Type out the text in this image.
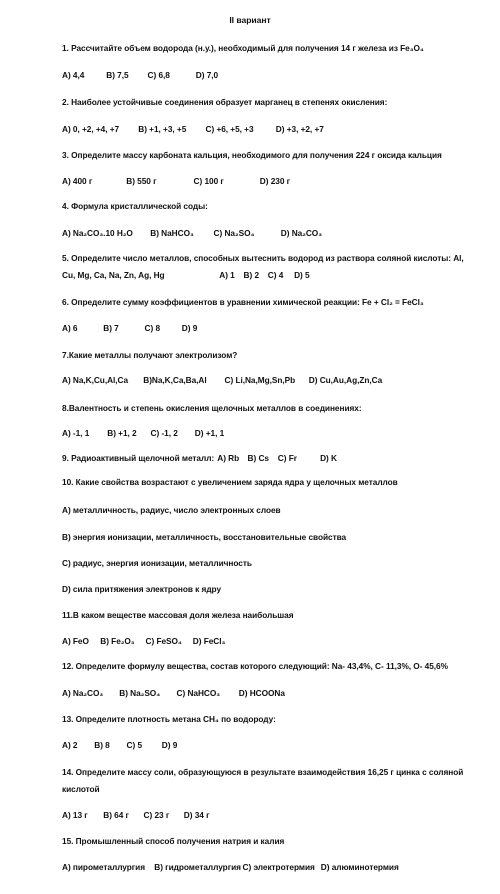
II вариант
1. Рассчитайте объем водорода (н.у.), необходимый для получения 14 г железа из Fe₃O₄
A) 4,4	B) 7,5 C) 6,8	D) 7,0
2. Наиболее устойчивые соединения образует марганец в степенях окисления:
A) 0, +2, +4, +7 B) +1, +3, +5 C) +6, +5, +3	D) +3, +2, +7
3. Определите массу карбоната кальция, необходимого для получения 224 г оксида кальция
A) 400 г	B) 550 г	C) 100 г	D) 230 г
4. Формула кристаллической соды:
A) Na₂CO₃.10 H₂O B) NaHCO₃ C) Na₂SO₄	D) Na₂CO₃
5. Определите число металлов, способных вытеснить водород из раствора соляной кислоты: Al,
Cu, Mg, Ca, Na, Zn, Ag, Hg	A) 1 B) 2 C) 4 D) 5
6. Определите сумму коэффициентов в уравнении химической реакции: Fe + Cl₂ = FeCl₃
A) 6	B) 7	C) 8	D) 9
7.Какие металлы получают электролизом?
A) Na,K,Cu,Al,Ca B)Na,K,Ca,Ba,Al C) Li,Na,Mg,Sn,Pb D) Cu,Au,Ag,Zn,Ca
8.Валентность и степень окисления щелочных металлов в соединениях:
A) -1, 1 B) +1, 2 C) -1, 2 D) +1, 1
9. Радиоактивный щелочной металл: A) Rb B) Cs C) Fr	D) K
10. Какие свойства возрастают с увеличением заряда ядра у щелочных металлов
A) металличность, радиус, число электронных слоев
B) энергия ионизации, металличность, восстановительные свойства
C) радиус, энергия ионизации, металличность
D) сила притяжения электронов к ядру
11.В каком веществе массовая доля железа наибольшая
A) FeO B) Fe₂O₃ C) FeSO₄ D) FeCl₃
12. Определите формулу вещества, состав которого следующий: Na- 43,4%, C- 11,3%, O- 45,6%
A) Na₂CO₃ B) Na₂SO₄ C) NaHCO₃ D) HCOONa
13. Определите плотность метана CH₄ по водороду:
A) 2 B) 8 C) 5 D) 9
14. Определите массу соли, образующуюся в результате взаимодействия 16,25 г цинка с соляной
кислотой
A) 13 г B) 64 г C) 23 г D) 34 г
15. Промышленный способ получения натрия и калия
A) пирометаллургия B) гидрометаллургия C) электротермия D) алюминотермия
